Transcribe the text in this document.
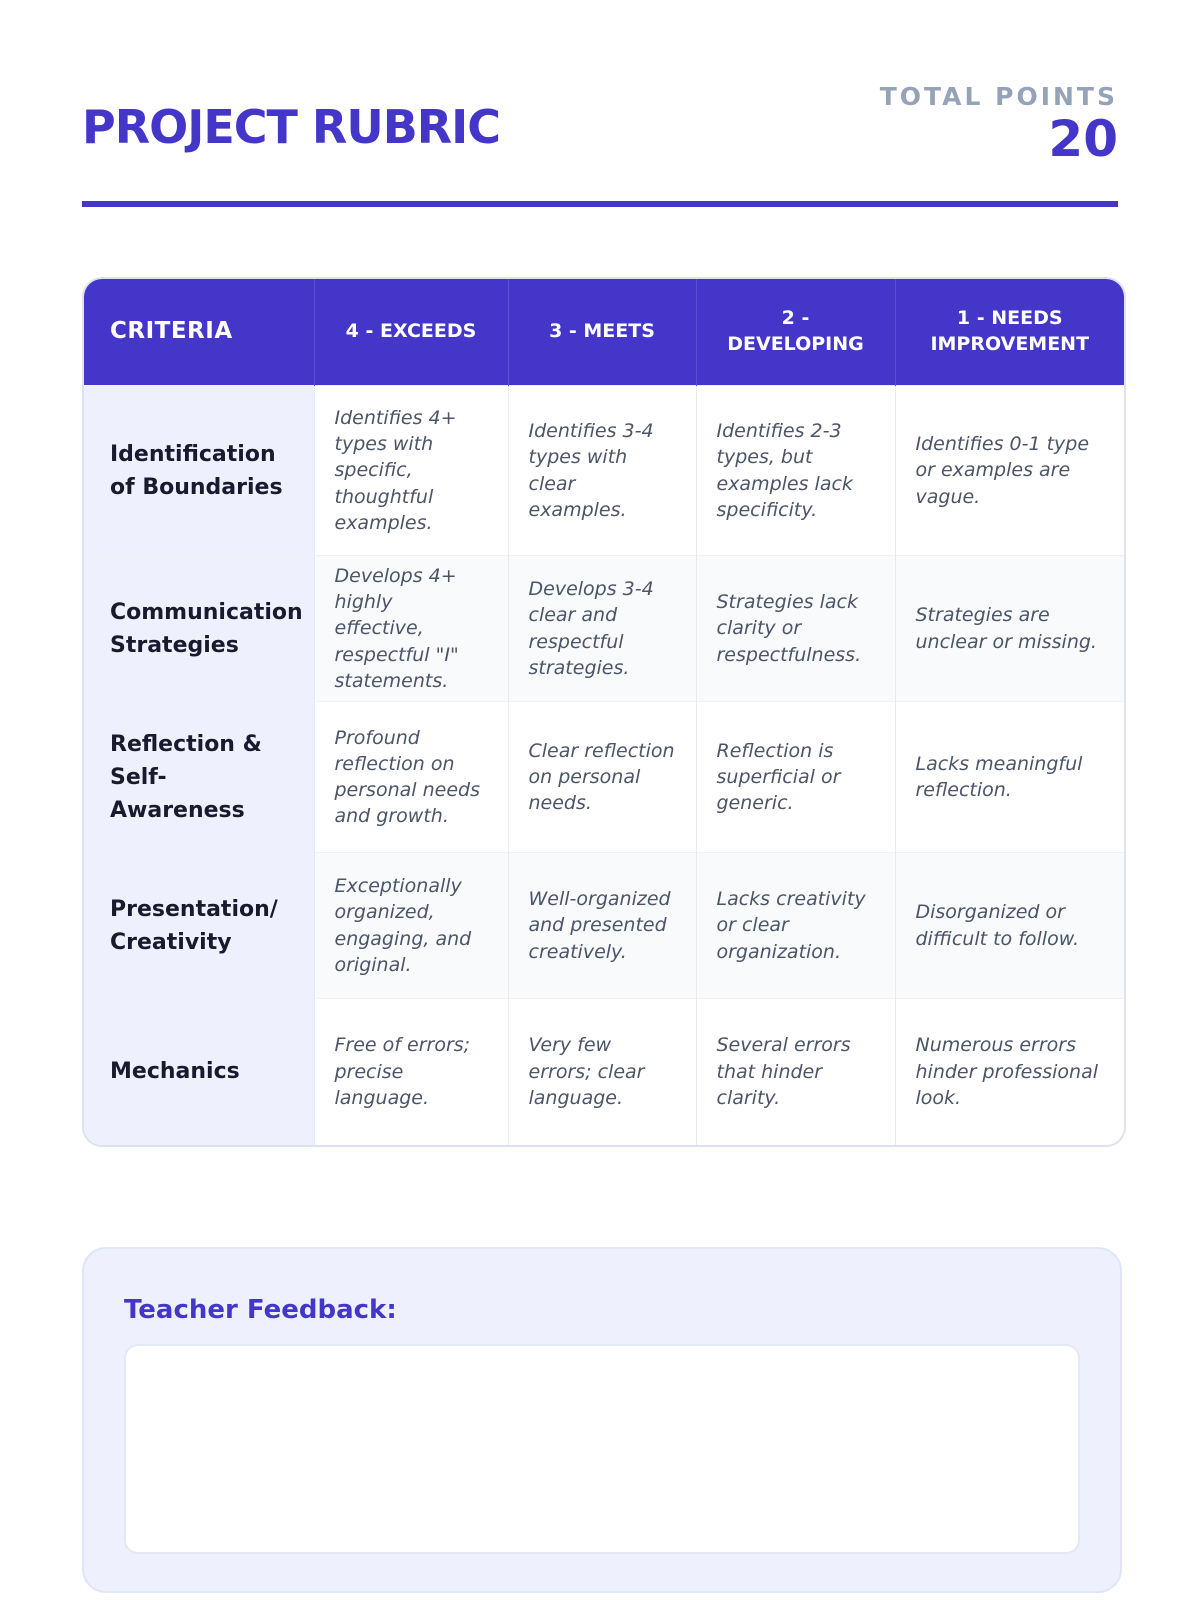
PROJECT RUBRIC
TOTAL POINTS
20
CRITERIA	4 - EXCEEDS	3 - MEETS	2 - DEVELOPING	1 - NEEDS IMPROVEMENT
Identification of Boundaries	Identifies 4+ types with specific, thoughtful examples.	Identifies 3-4 types with clear examples.	Identifies 2-3 types, but examples lack specificity.	Identifies 0-1 type or examples are vague.
Communication Strategies	Develops 4+ highly effective, respectful "I" statements.	Develops 3-4 clear and respectful strategies.	Strategies lack clarity or respectfulness.	Strategies are unclear or missing.
Reflection & Self-Awareness	Profound reflection on personal needs and growth.	Clear reflection on personal needs.	Reflection is superficial or generic.	Lacks meaningful reflection.
Presentation/ Creativity	Exceptionally organized, engaging, and original.	Well-organized and presented creatively.	Lacks creativity or clear organization.	Disorganized or difficult to follow.
Mechanics	Free of errors; precise language.	Very few errors; clear language.	Several errors that hinder clarity.	Numerous errors hinder professional look.
Teacher Feedback:
